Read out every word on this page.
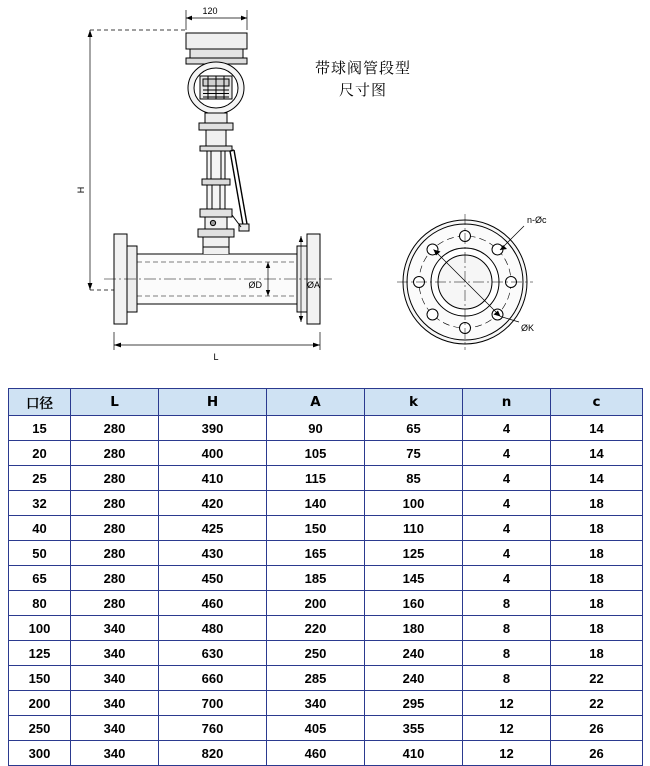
120
H
L
ØD	ØA
n-Øc
ØK
带球阀管段型
尺寸图
口径	L	H	A	k	n	c
15	280	390	90	65	4	14
20	280	400	105	75	4	14
25	280	410	115	85	4	14
32	280	420	140	100	4	18
40	280	425	150	110	4	18
50	280	430	165	125	4	18
65	280	450	185	145	4	18
80	280	460	200	160	8	18
100	340	480	220	180	8	18
125	340	630	250	240	8	18
150	340	660	285	240	8	22
200	340	700	340	295	12	22
250	340	760	405	355	12	26
300	340	820	460	410	12	26
